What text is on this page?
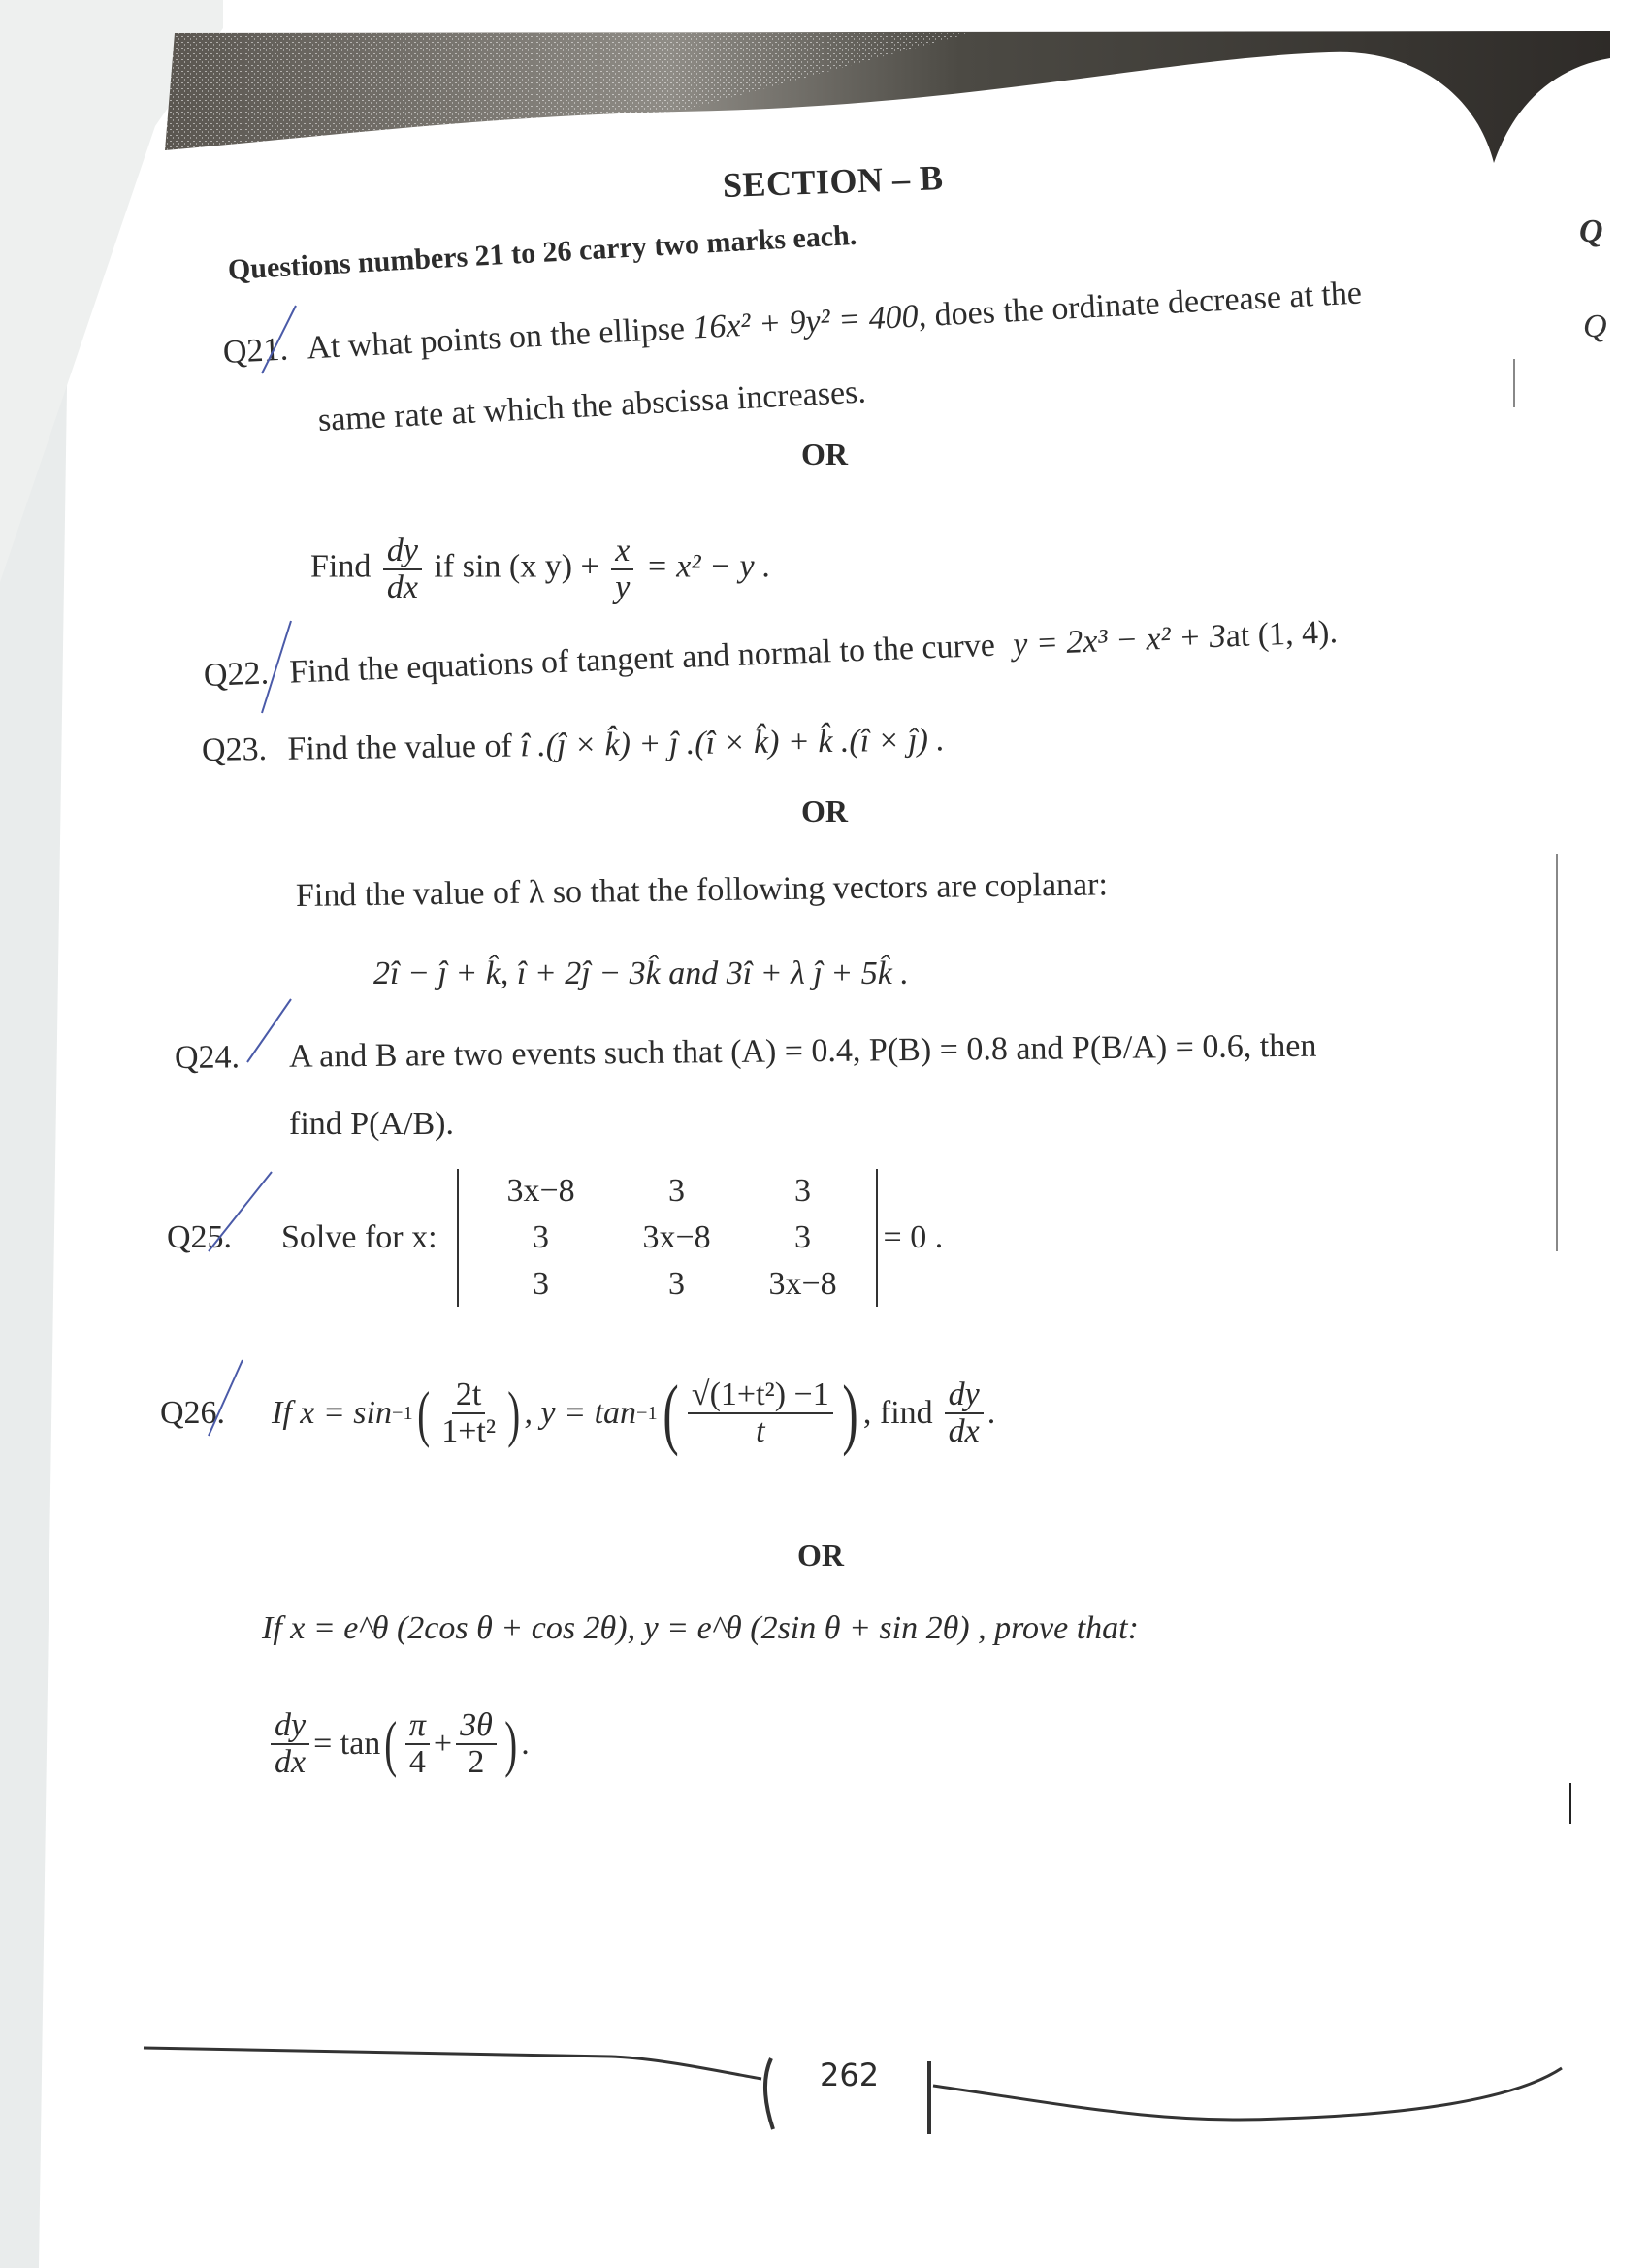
SECTION – B
Questions numbers 21 to 26 carry two marks each.	Q
Q
Q21. At what points on the ellipse 16x² + 9y² = 400, does the ordinate decrease at the
same rate at which the abscissa increases.
OR
Find $\frac{dy}{dx}$ if sin (x $y) + \frac{x}{y} = x^2 - y$ .
Q22. Find the equations of tangent and normal to the curve y = 2x³ − x² + 3at (1, 4).
Q23. Find the value of î .(ĵ × k̂) + ĵ .(î × k̂) + k̂ .(î × ĵ) .
OR
Find the value of λ so that the following vectors are coplanar:
2î − ĵ + k̂, î + 2ĵ − 3k̂ and 3î + λ ĵ + 5k̂ .
Q24. A and B are two events such that (A) = 0.4, P(B) = 0.8 and P(B/A) = 0.6, then
find P(A/B).
Q25.	Solve for x:
3x−8	3	3
3	3x−8	3
3	3	3x−8
= 0 .
Q26.	If x = sin −1 ( $\frac{2t}{\text{1+t²}}$ ) , y = tan −1 ( $\frac{\text{√(1+t²) −1}}{t}$ ) , find $\frac{dy}{dx}$ .
OR
If x = e^θ (2cos θ + cos 2θ), y = e^θ (2sin θ + sin 2θ) , prove that:
$\frac{dy}{dx} = \tan$ ( $\frac{\pi}{4} + \frac{3\theta}{2}$ ) .
262
